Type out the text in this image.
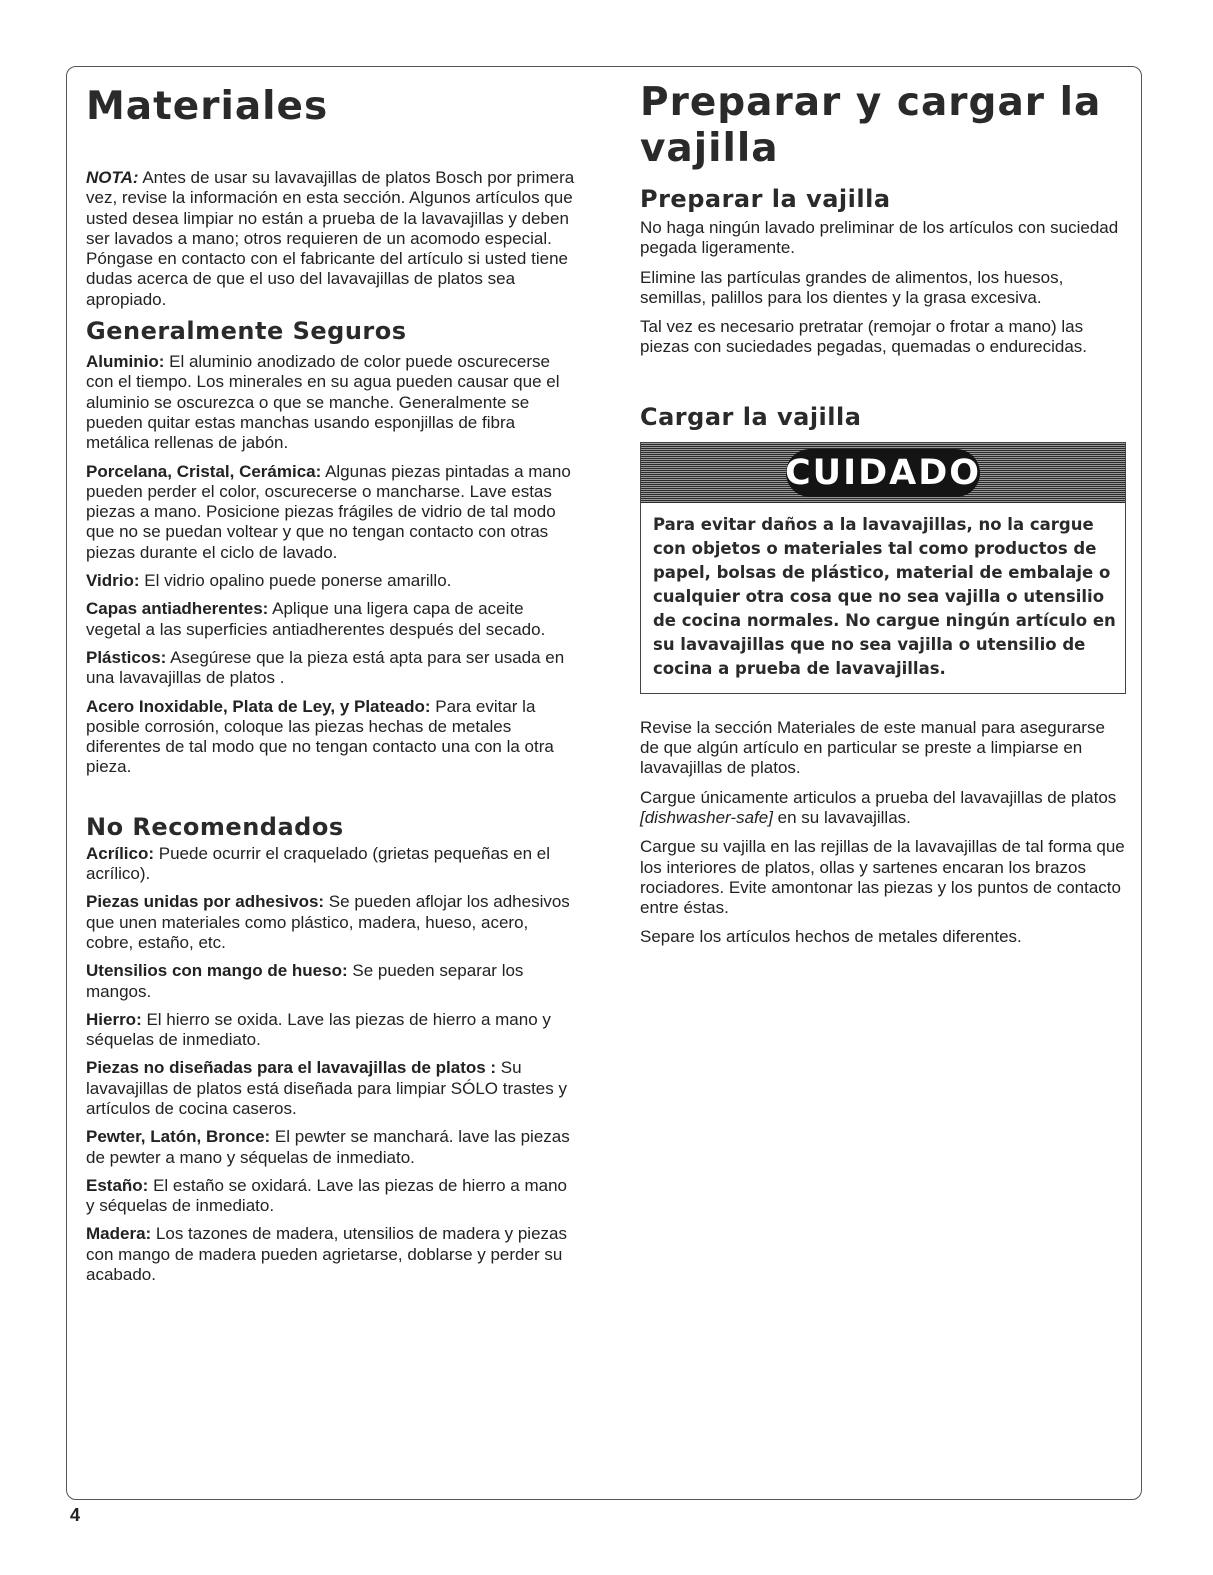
Materiales

NOTA: Antes de usar su lavavajillas de platos Bosch por primera vez, revise la información en esta sección. Algunos artículos que usted desea limpiar no están a prueba de la lavavajillas y deben ser lavados a mano; otros requieren de un acomodo especial. Póngase en contacto con el fabricante del artículo si usted tiene dudas acerca de que el uso del lavavajillas de platos sea apropiado.

Generalmente Seguros

Aluminio: El aluminio anodizado de color puede oscurecerse con el tiempo. Los minerales en su agua pueden causar que el aluminio se oscurezca o que se manche. Generalmente se pueden quitar estas manchas usando esponjillas de fibra metálica rellenas de jabón.

Porcelana, Cristal, Cerámica: Algunas piezas pintadas a mano pueden perder el color, oscurecerse o mancharse. Lave estas piezas a mano. Posicione piezas frágiles de vidrio de tal modo que no se puedan voltear y que no tengan contacto con otras piezas durante el ciclo de lavado.

Vidrio: El vidrio opalino puede ponerse amarillo.

Capas antiadherentes: Aplique una ligera capa de aceite vegetal a las superficies antiadherentes después del secado.

Plásticos: Asegúrese que la pieza está apta para ser usada en una lavavajillas de platos .

Acero Inoxidable, Plata de Ley, y Plateado: Para evitar la posible corrosión, coloque las piezas hechas de metales diferentes de tal modo que no tengan contacto una con la otra pieza.

No Recomendados

Acrílico: Puede ocurrir el craquelado (grietas pequeñas en el acrílico).

Piezas unidas por adhesivos: Se pueden aflojar los adhesivos que unen materiales como plástico, madera, hueso, acero, cobre, estaño, etc.

Utensilios con mango de hueso: Se pueden separar los mangos.

Hierro: El hierro se oxida. Lave las piezas de hierro a mano y séquelas de inmediato.

Piezas no diseñadas para el lavavajillas de platos : Su lavavajillas de platos está diseñada para limpiar SÓLO trastes y artículos de cocina caseros.

Pewter, Latón, Bronce: El pewter se manchará. lave las piezas de pewter a mano y séquelas de inmediato.

Estaño: El estaño se oxidará. Lave las piezas de hierro a mano y séquelas de inmediato.

Madera: Los tazones de madera, utensilios de madera y piezas con mango de madera pueden agrietarse, doblarse y perder su acabado.

Preparar y cargar la vajilla
Preparar la vajilla

No haga ningún lavado preliminar de los artículos con suciedad pegada ligeramente.

Elimine las partículas grandes de alimentos, los huesos, semillas, palillos para los dientes y la grasa excesiva.

Tal vez es necesario pretratar (remojar o frotar a mano) las piezas con suciedades pegadas, quemadas o endurecidas.

Cargar la vajilla
CUIDADO
Para evitar daños a la lavavajillas, no la cargue con objetos o materiales tal como productos de papel, bolsas de plástico, material de embalaje o cualquier otra cosa que no sea vajilla o utensilio de cocina normales. No cargue ningún artículo en su lavavajillas que no sea vajilla o utensilio de cocina a prueba de lavavajillas.

Revise la sección Materiales de este manual para asegurarse de que algún artículo en particular se preste a limpiarse en lavavajillas de platos.

Cargue únicamente articulos a prueba del lavavajillas de platos [dishwasher-safe] en su lavavajillas.

Cargue su vajilla en las rejillas de la lavavajillas de tal forma que los interiores de platos, ollas y sartenes encaran los brazos rociadores. Evite amontonar las piezas y los puntos de contacto entre éstas.

Separe los artículos hechos de metales diferentes.

4
